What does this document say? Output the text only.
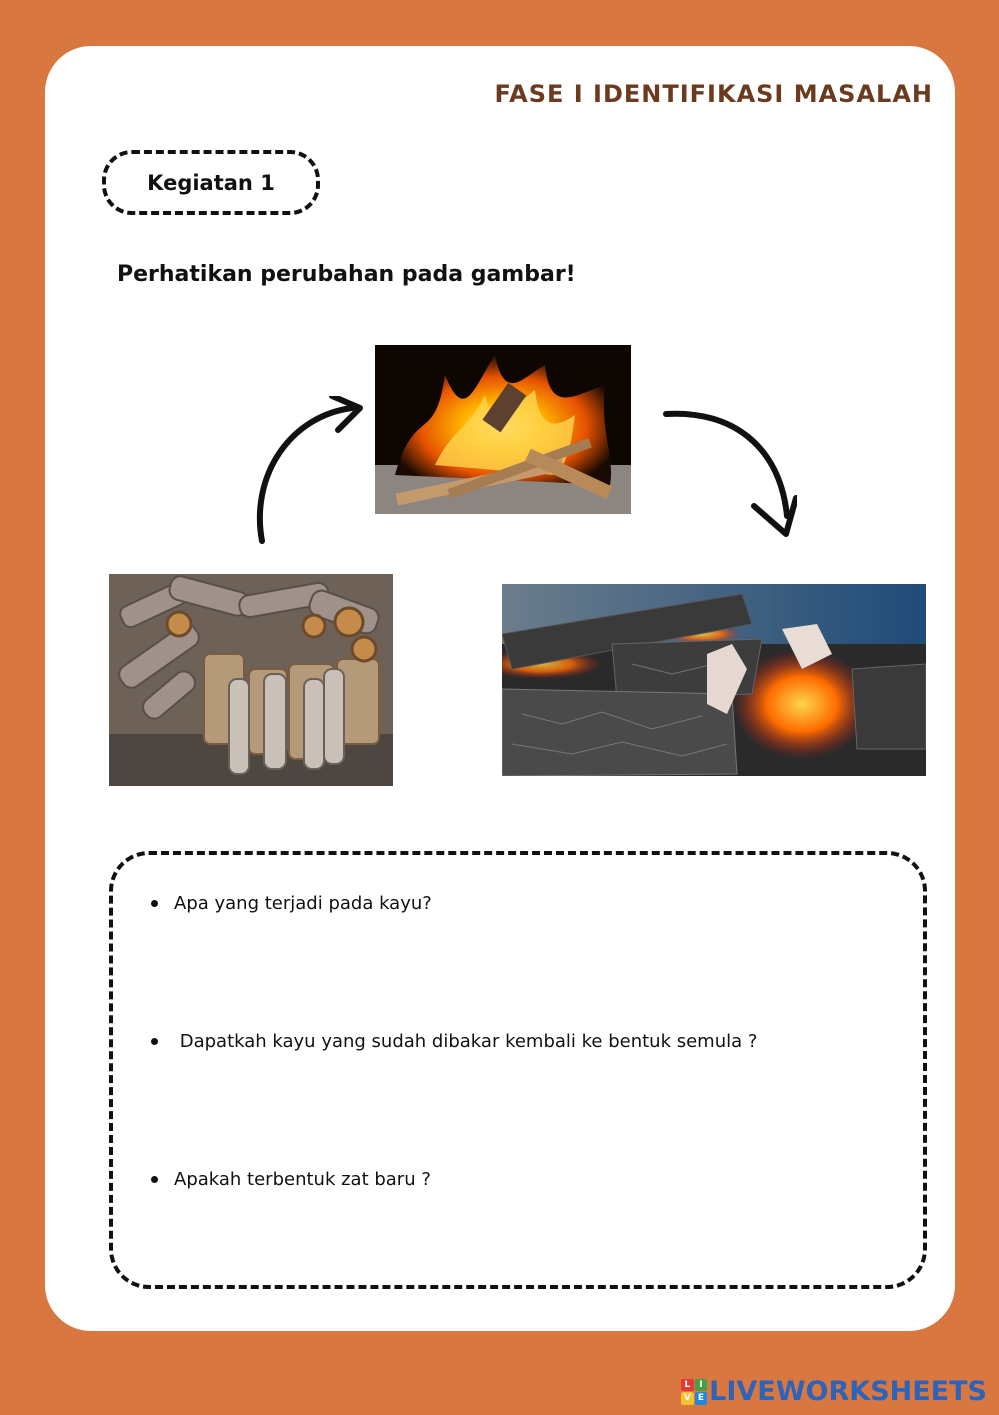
FASE I IDENTIFIKASI MASALAH
Kegiatan 1
Perhatikan perubahan pada gambar!
Apa yang terjadi pada kayu?
Dapatkah kayu yang sudah dibakar kembali ke bentuk semula ?
Apakah terbentuk zat baru ?
L I
V E LIVEWORKSHEETS
